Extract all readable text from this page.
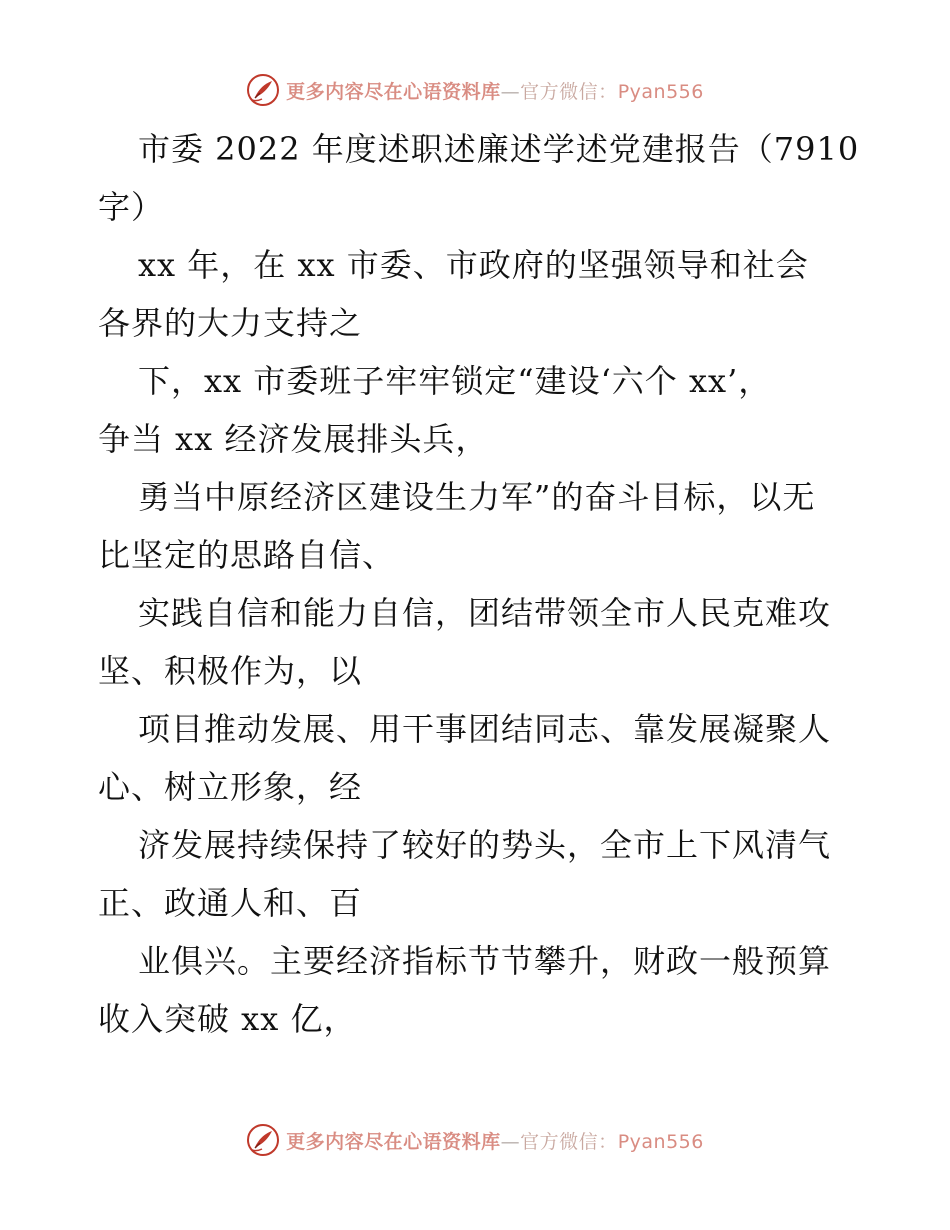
更多内容尽在心语资料库—官方微信：Pyan556
市委 2022 年度述职述廉述学述党建报告（7910
字）
xx 年，在 xx 市委、市政府的坚强领导和社会
各界的大力支持之
下，xx 市委班子牢牢锁定“建设‘六个 xx’，
争当 xx 经济发展排头兵，
勇当中原经济区建设生力军”的奋斗目标，以无
比坚定的思路自信、
实践自信和能力自信，团结带领全市人民克难攻
坚、积极作为，以
项目推动发展、用干事团结同志、靠发展凝聚人
心、树立形象，经
济发展持续保持了较好的势头，全市上下风清气
正、政通人和、百
业俱兴。主要经济指标节节攀升，财政一般预算
收入突破 xx 亿，
更多内容尽在心语资料库—官方微信：Pyan556
